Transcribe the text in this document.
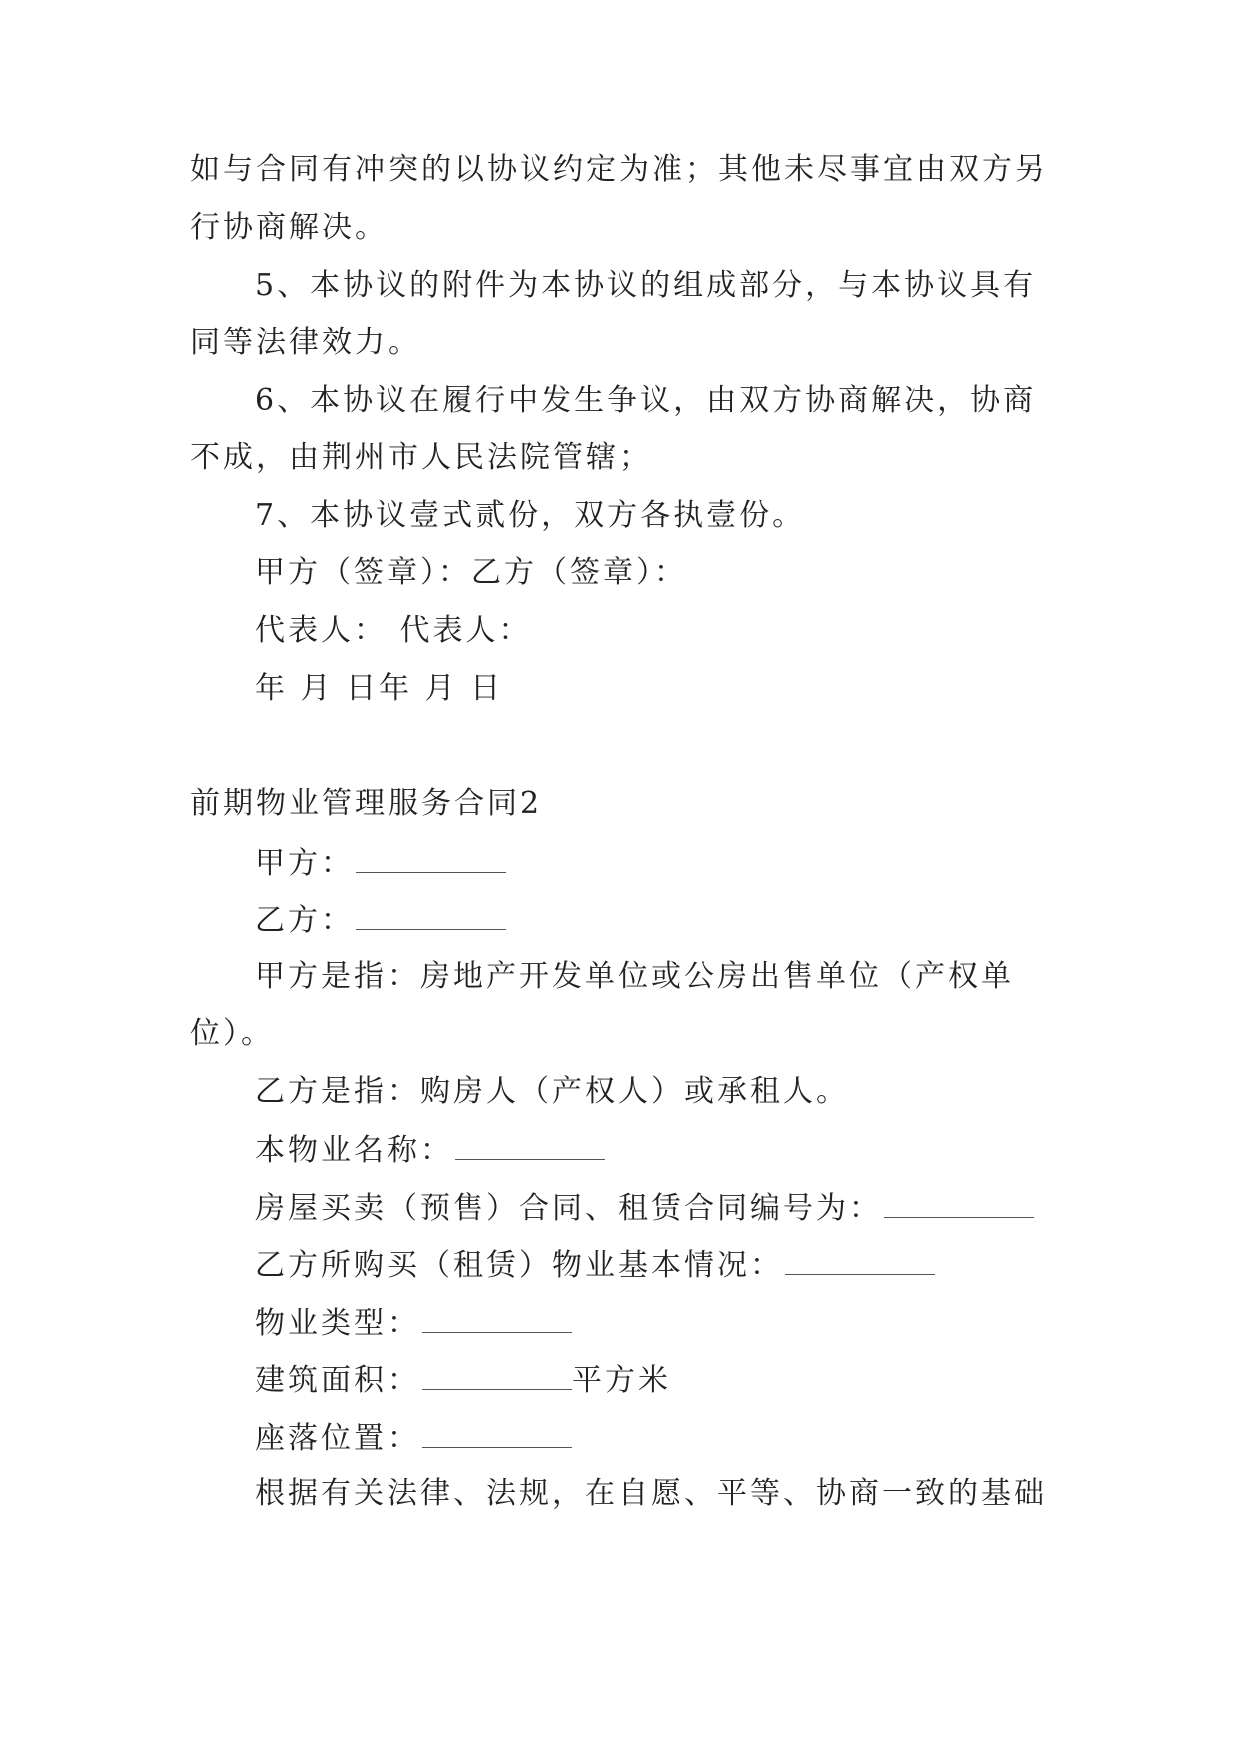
如与合同有冲突的以协议约定为准；其他未尽事宜由双方另
行协商解决。
5、本协议的附件为本协议的组成部分，与本协议具有
同等法律效力。
6、本协议在履行中发生争议，由双方协商解决，协商
不成，由荆州市人民法院管辖；
7、本协议壹式贰份，双方各执壹份。
甲方（签章）：乙方（签章）：
代表人： 代表人：
年 月 日年 月 日
前期物业管理服务合同2
甲方：
乙方：
甲方是指：房地产开发单位或公房出售单位（产权单
位）。
乙方是指：购房人（产权人）或承租人。
本物业名称：
房屋买卖（预售）合同、租赁合同编号为：
乙方所购买（租赁）物业基本情况：
物业类型：
建筑面积：	平方米
座落位置：
根据有关法律、法规，在自愿、平等、协商一致的基础
